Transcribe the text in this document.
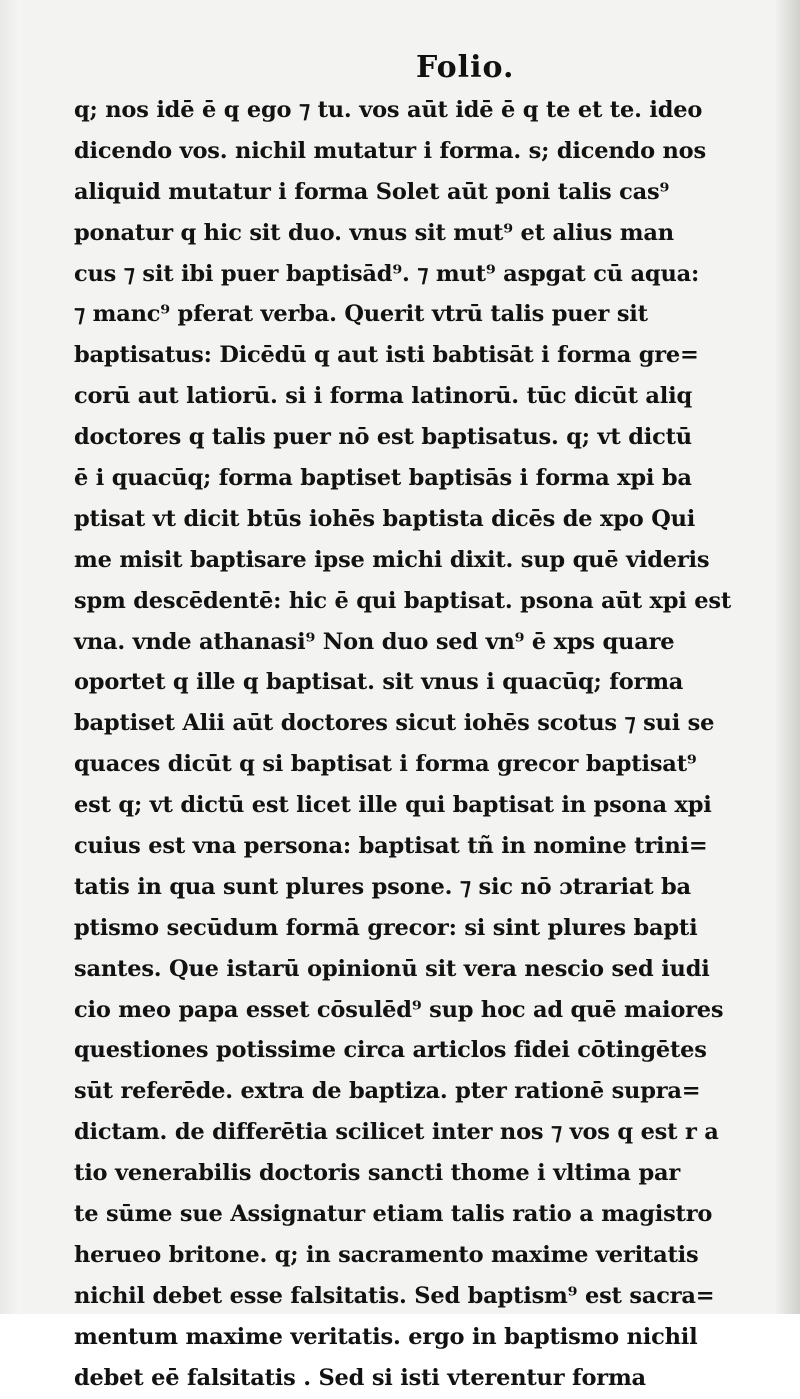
Folio.
q; nos idē ē q ego ⁊ tu. vos aūt idē ē q te et te. ideo
dicendo vos. nichil mutatur i forma. s; dicendo nos
aliquid mutatur i forma Solet aūt poni talis cas⁹
ponatur q hic sit duo. vnus sit mut⁹ et alius man
cus ⁊ sit ibi puer baptisād⁹. ⁊ mut⁹ aspgat cū aqua:
⁊ manc⁹ pferat verba. Querit vtrū talis puer sit
baptisatus: Dicēdū q aut isti babtisāt i forma gre=
corū aut latiorū. si i forma latinorū. tūc dicūt aliq
doctores q talis puer nō est baptisatus. q; vt dictū
ē i quacūq; forma baptiset baptisās i forma xpi ba
ptisat vt dicit btūs iohēs baptista dicēs de xpo Qui
me misit baptisare ipse michi dixit. sup quē videris
spm descēdentē: hic ē qui baptisat. psona aūt xpi est
vna. vnde athanasi⁹ Non duo sed vn⁹ ē xps quare
oportet q ille q baptisat. sit vnus i quacūq; forma
baptiset Alii aūt doctores sicut iohēs scotus ⁊ sui se
quaces dicūt q si baptisat i forma grecor baptisat⁹
est q; vt dictū est licet ille qui baptisat in psona xpi
cuius est vna persona: baptisat tñ in nomine trini=
tatis in qua sunt plures psone. ⁊ sic nō ɔtrariat ba
ptismo secūdum formā grecor: si sint plures bapti
santes. Que istarū opinionū sit vera nescio sed iudi
cio meo papa esset cōsulēd⁹ sup hoc ad quē maiores
questiones potissime circa articlos fidei cōtingētes
sūt referēde. extra de baptiza. pter rationē supra=
dictam. de differētia scilicet inter nos ⁊ vos q est r a
tio venerabilis doctoris sancti thome i vltima par
te sūme sue Assignatur etiam talis ratio a magistro
herueo britone. q; in sacramento maxime veritatis
nichil debet esse falsitatis. Sed baptism⁹ est sacra=
mentum maxime veritatis. ergo in baptismo nichil
debet eē falsitatis . Sed si isti vterentur forma
